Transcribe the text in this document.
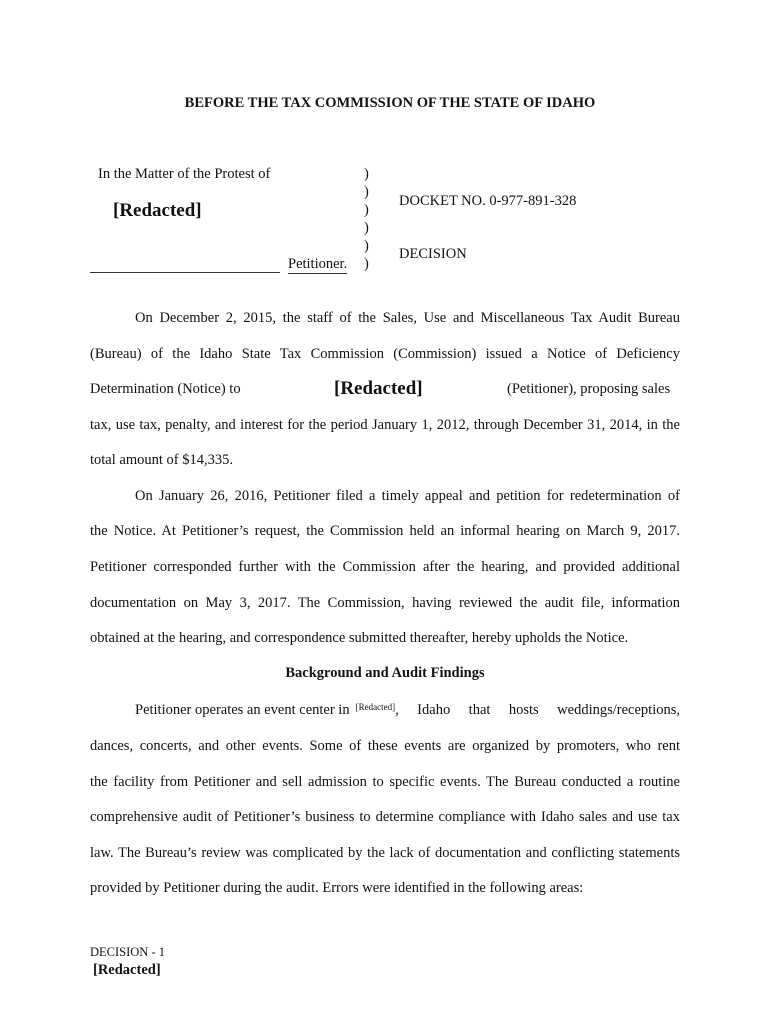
BEFORE THE TAX COMMISSION OF THE STATE OF IDAHO
In the Matter of the Protest of
[Redacted]
Petitioner.
)
)
)
)
)
)
DOCKET NO. 0-977-891-328
DECISION
On December 2, 2015, the staff of the Sales, Use and Miscellaneous Tax Audit Bureau
(Bureau) of the Idaho State Tax Commission (Commission) issued a Notice of Deficiency
Determination (Notice) to	[Redacted]	(Petitioner), proposing sales
tax, use tax, penalty, and interest for the period January 1, 2012, through December 31, 2014, in the
total amount of $14,335.
On January 26, 2016, Petitioner filed a timely appeal and petition for redetermination of
the Notice. At Petitioner’s request, the Commission held an informal hearing on March 9, 2017.
Petitioner corresponded further with the Commission after the hearing, and provided additional
documentation on May 3, 2017. The Commission, having reviewed the audit file, information
obtained at the hearing, and correspondence submitted thereafter, hereby upholds the Notice.
Background and Audit Findings
Petitioner operates an event center in [Redacted] , Idaho that hosts weddings/receptions,
dances, concerts, and other events. Some of these events are organized by promoters, who rent
the facility from Petitioner and sell admission to specific events. The Bureau conducted a routine
comprehensive audit of Petitioner’s business to determine compliance with Idaho sales and use tax
law. The Bureau’s review was complicated by the lack of documentation and conflicting statements
provided by Petitioner during the audit. Errors were identified in the following areas:
DECISION - 1
[Redacted]
